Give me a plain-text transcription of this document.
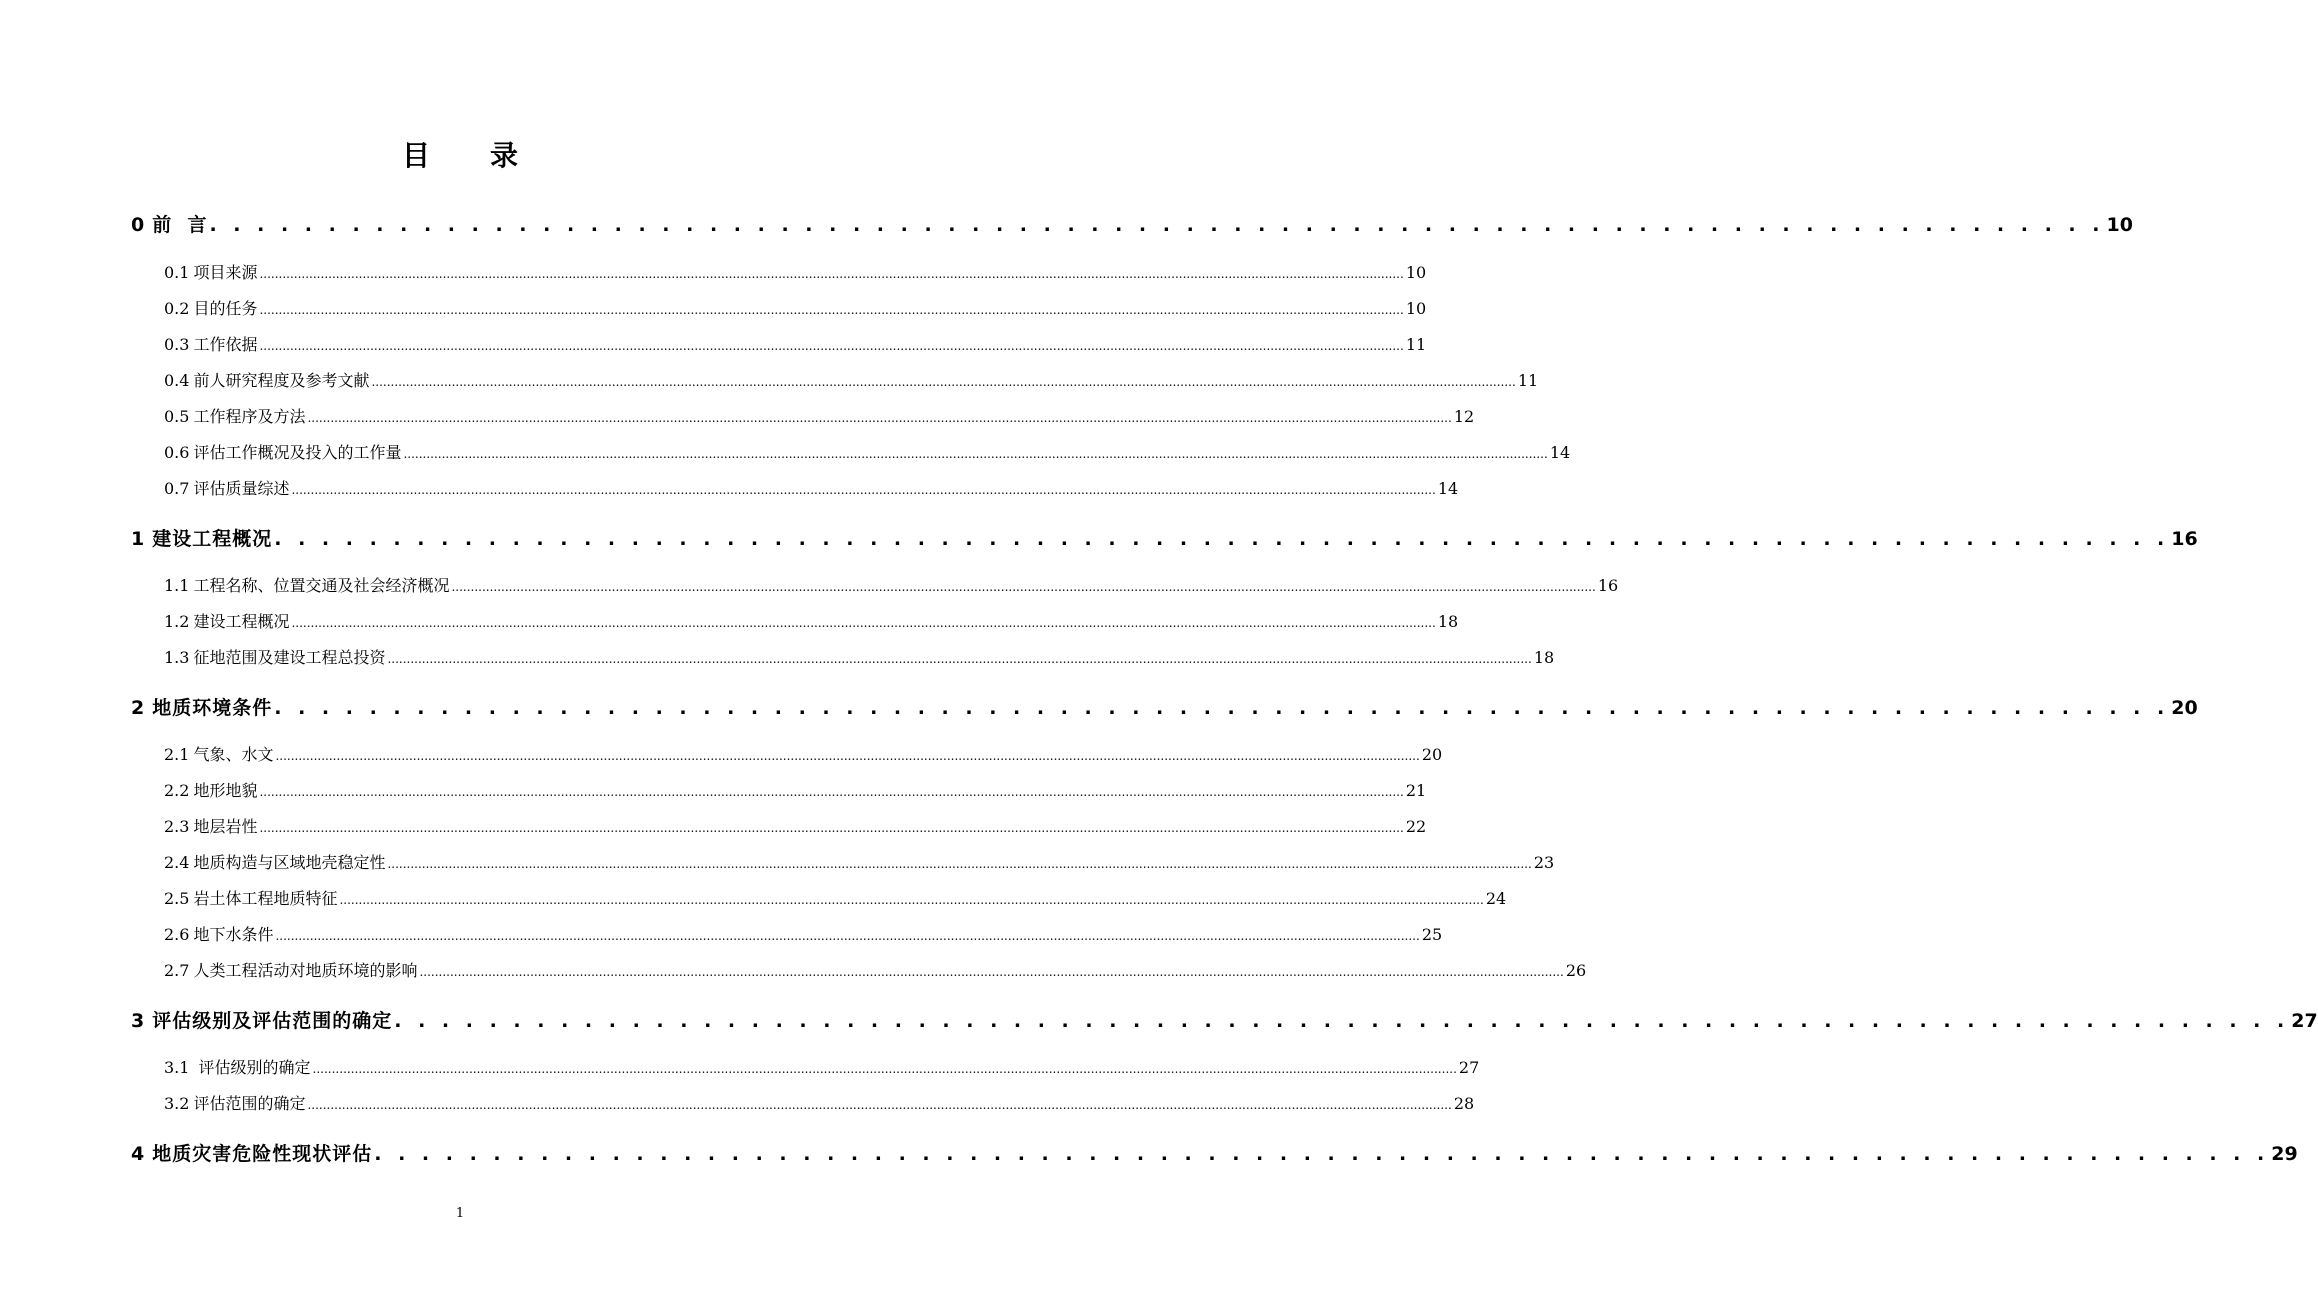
目录
0 前  言 . . . . . . . . . . . . . . . . . . . . . . . . . . . . . . . . . . . . . . . . . . . . . . . . . . . . . . . . . . . . . . . . . . . . . . . . . . . . . . . . 10
0.1 项目来源 ............................................................................................................................................................................................................................................................................................................ 10
0.2 目的任务 ............................................................................................................................................................................................................................................................................................................ 10
0.3 工作依据 ............................................................................................................................................................................................................................................................................................................ 11
0.4 前人研究程度及参考文献 ............................................................................................................................................................................................................................................................................................................ 11
0.5 工作程序及方法 ............................................................................................................................................................................................................................................................................................................ 12
0.6 评估工作概况及投入的工作量 ............................................................................................................................................................................................................................................................................................................ 14
0.7 评估质量综述 ............................................................................................................................................................................................................................................................................................................ 14
1 建设工程概况 . . . . . . . . . . . . . . . . . . . . . . . . . . . . . . . . . . . . . . . . . . . . . . . . . . . . . . . . . . . . . . . . . . . . . . . . . . . . . . . . 16
1.1 工程名称、位置交通及社会经济概况 ............................................................................................................................................................................................................................................................................................................ 16
1.2 建设工程概况 ............................................................................................................................................................................................................................................................................................................ 18
1.3 征地范围及建设工程总投资 ............................................................................................................................................................................................................................................................................................................ 18
2 地质环境条件 . . . . . . . . . . . . . . . . . . . . . . . . . . . . . . . . . . . . . . . . . . . . . . . . . . . . . . . . . . . . . . . . . . . . . . . . . . . . . . . . 20
2.1 气象、水文 ............................................................................................................................................................................................................................................................................................................ 20
2.2 地形地貌 ............................................................................................................................................................................................................................................................................................................ 21
2.3 地层岩性 ............................................................................................................................................................................................................................................................................................................ 22
2.4 地质构造与区域地壳稳定性 ............................................................................................................................................................................................................................................................................................................ 23
2.5 岩土体工程地质特征 ............................................................................................................................................................................................................................................................................................................ 24
2.6 地下水条件 ............................................................................................................................................................................................................................................................................................................ 25
2.7 人类工程活动对地质环境的影响 ............................................................................................................................................................................................................................................................................................................ 26
3 评估级别及评估范围的确定 . . . . . . . . . . . . . . . . . . . . . . . . . . . . . . . . . . . . . . . . . . . . . . . . . . . . . . . . . . . . . . . . . . . . . . . . . . . . . . . . 27
3.1 评估级别的确定 ............................................................................................................................................................................................................................................................................................................ 27
3.2 评估范围的确定 ............................................................................................................................................................................................................................................................................................................ 28
4 地质灾害危险性现状评估 . . . . . . . . . . . . . . . . . . . . . . . . . . . . . . . . . . . . . . . . . . . . . . . . . . . . . . . . . . . . . . . . . . . . . . . . . . . . . . . . 29
1
